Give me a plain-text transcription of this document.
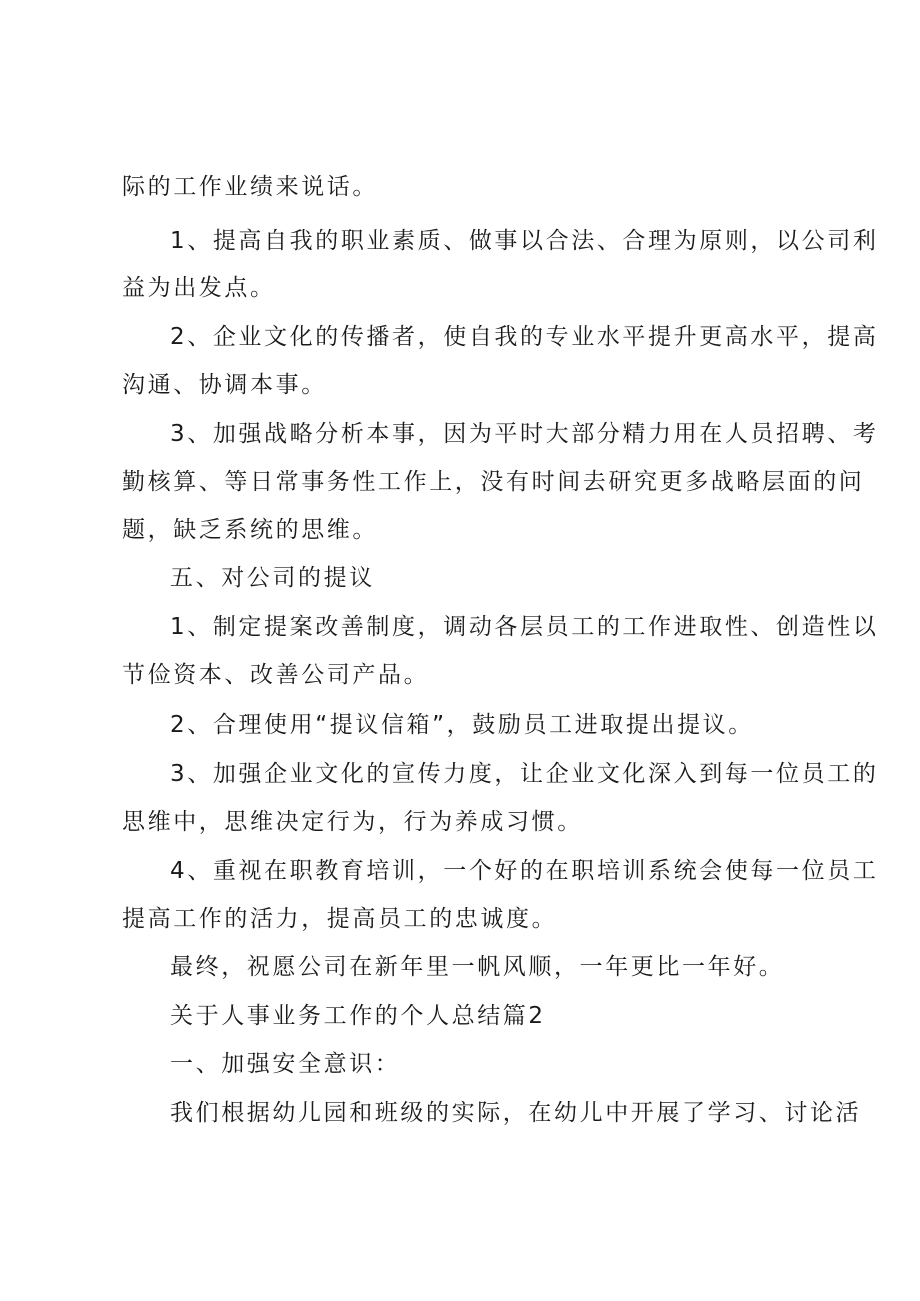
际的工作业绩来说话。
1、提高自我的职业素质、做事以合法、合理为原则，以公司利
益为出发点。
2、企业文化的传播者，使自我的专业水平提升更高水平，提高
沟通、协调本事。
3、加强战略分析本事，因为平时大部分精力用在人员招聘、考
勤核算、等日常事务性工作上，没有时间去研究更多战略层面的问
题，缺乏系统的思维。
五、对公司的提议
1、制定提案改善制度，调动各层员工的工作进取性、创造性以
节俭资本、改善公司产品。
2、合理使用“提议信箱”，鼓励员工进取提出提议。
3、加强企业文化的宣传力度，让企业文化深入到每一位员工的
思维中，思维决定行为，行为养成习惯。
4、重视在职教育培训，一个好的在职培训系统会使每一位员工
提高工作的活力，提高员工的忠诚度。
最终，祝愿公司在新年里一帆风顺，一年更比一年好。
关于人事业务工作的个人总结篇2
一、加强安全意识：
我们根据幼儿园和班级的实际，在幼儿中开展了学习、讨论活
